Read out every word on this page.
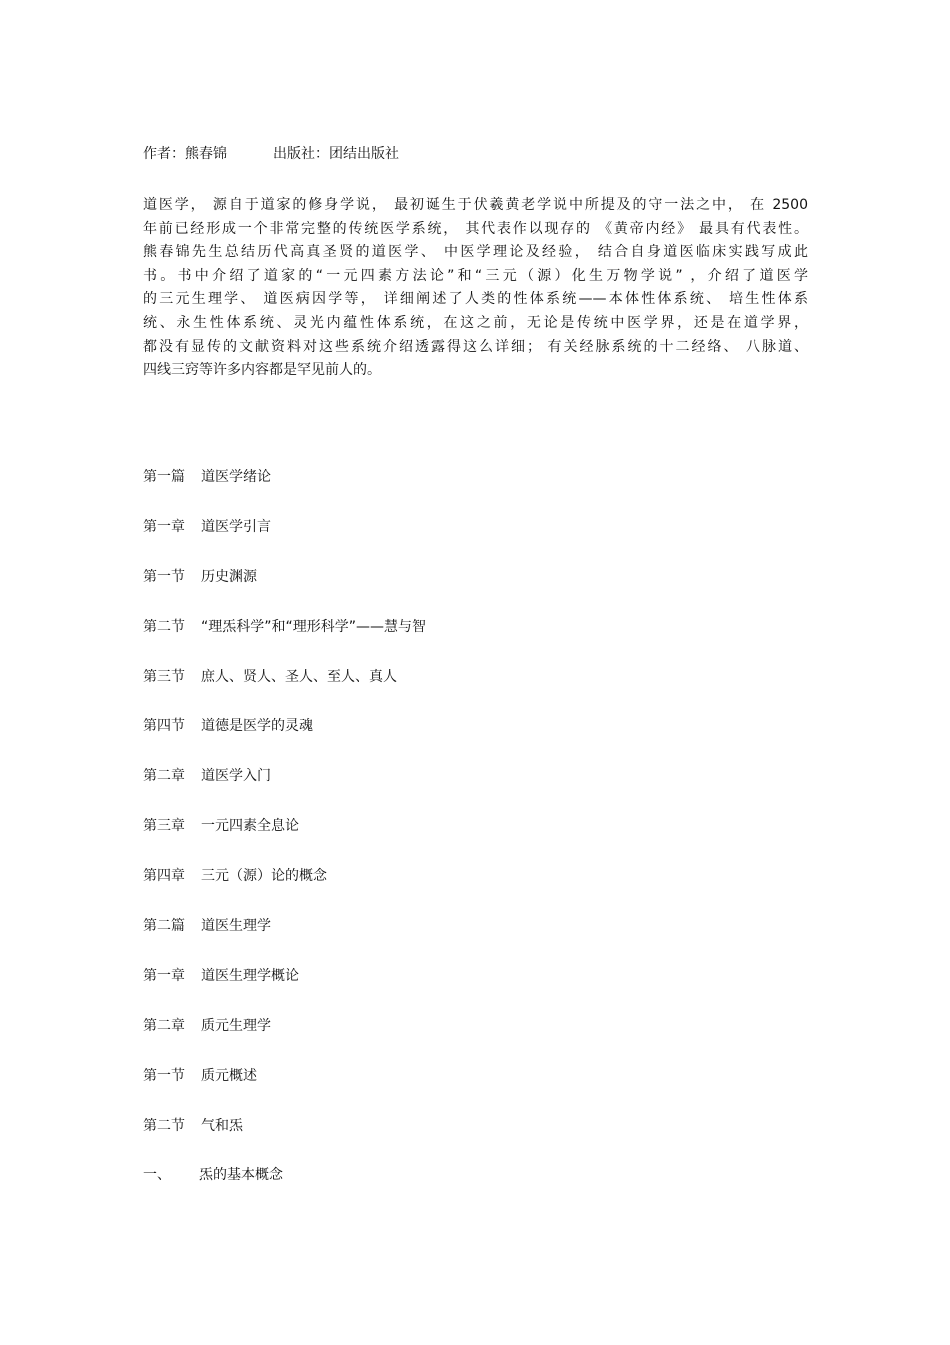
作者：熊春锦	出版社：团结出版社

道医学， 源自于道家的修身学说， 最初诞生于伏羲黄老学说中所提及的守一法之中， 在 2500
年前已经形成一个非常完整的传统医学系统， 其代表作以现存的 《黄帝内经》 最具有代表性。
熊春锦先生总结历代高真圣贤的道医学、 中医学理论及经验， 结合自身道医临床实践写成此
书。书中介绍了道家的“一元四素方法论”和“三元（源）化生万物学说” ，介绍了道医学
的三元生理学、 道医病因学等， 详细阐述了人类的性体系统——本体性体系统、 培生性体系
统、永生性体系统、灵光内蕴性体系统，在这之前，无论是传统中医学界，还是在道学界，
都没有显传的文献资料对这些系统介绍透露得这么详细； 有关经脉系统的十二经络、 八脉道、
四线三窍等许多内容都是罕见前人的。

第一篇 道医学绪论
第一章 道医学引言
第一节 历史渊源
第二节 “理炁科学”和“理形科学”——慧与智
第三节 庶人、贤人、圣人、至人、真人
第四节 道德是医学的灵魂
第二章 道医学入门
第三章 一元四素全息论
第四章 三元（源）论的概念
第二篇 道医生理学
第一章 道医生理学概论
第二章 质元生理学
第一节 质元概述
第二节 气和炁
一、 炁的基本概念
